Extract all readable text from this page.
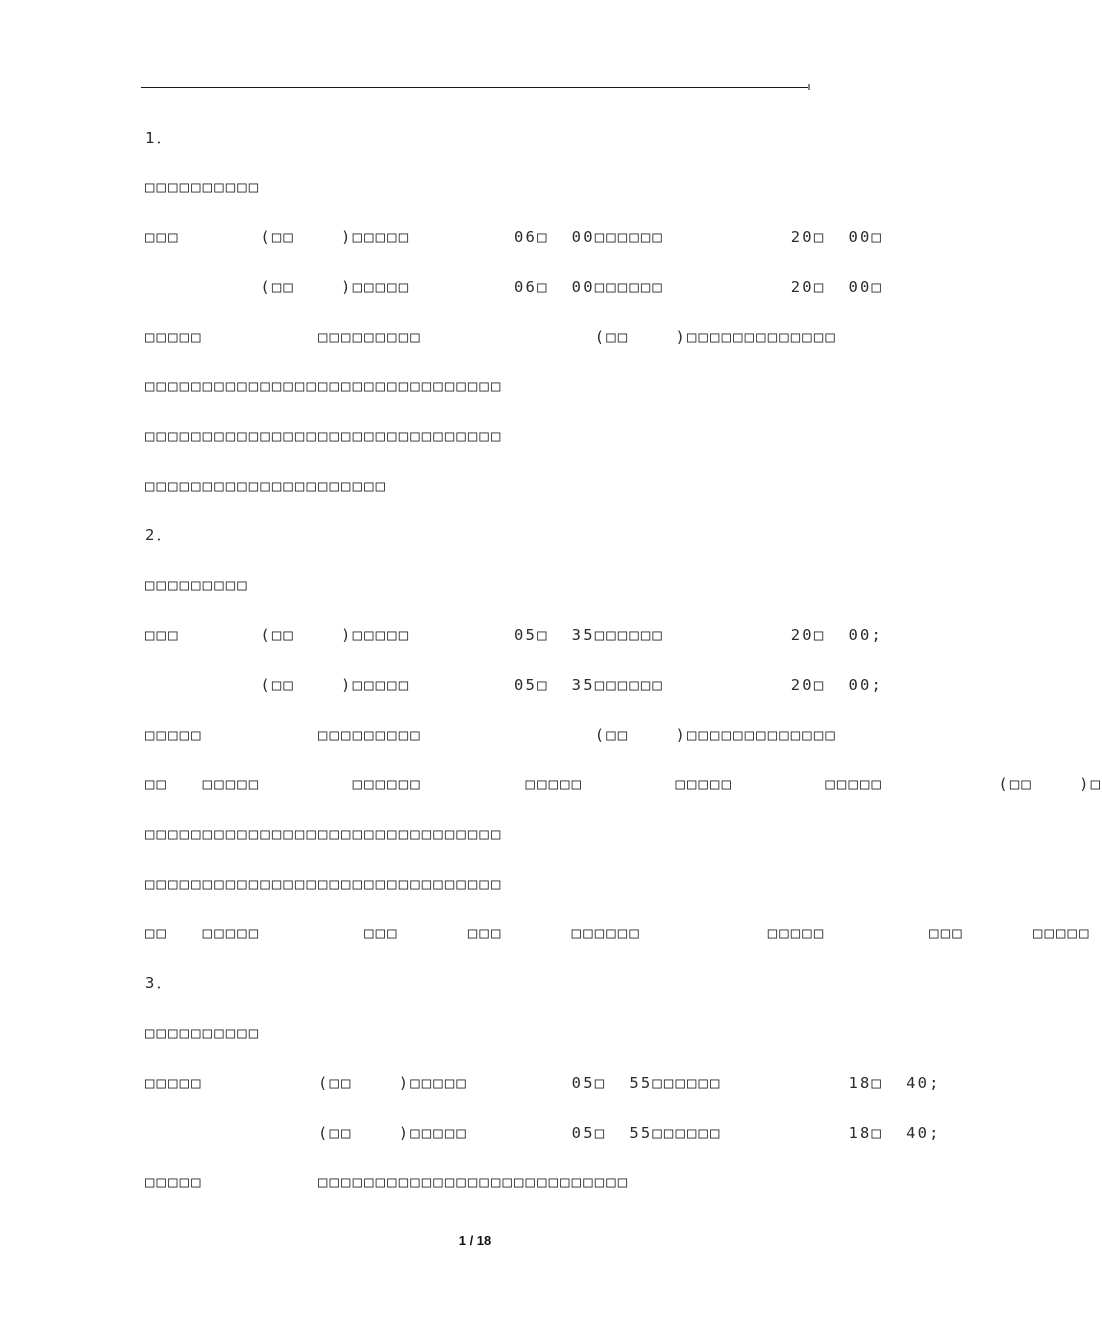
1．
□□□□□□□□□□
□□□       (□□    )□□□□□         06□  00□□□□□□           20□  00□
(□□    )□□□□□         06□  00□□□□□□           20□  00□
□□□□□          □□□□□□□□□               (□□    )□□□□□□□□□□□□□
□□□□□□□□□□□□□□□□□□□□□□□□□□□□□□□
□□□□□□□□□□□□□□□□□□□□□□□□□□□□□□□
□□□□□□□□□□□□□□□□□□□□□
2．
□□□□□□□□□
□□□       (□□    )□□□□□         05□  35□□□□□□           20□  00;
(□□    )□□□□□         05□  35□□□□□□           20□  00;
□□□□□          □□□□□□□□□               (□□    )□□□□□□□□□□□□□
□□   □□□□□        □□□□□□         □□□□□        □□□□□        □□□□□          (□□    )□
□□□□□□□□□□□□□□□□□□□□□□□□□□□□□□□
□□□□□□□□□□□□□□□□□□□□□□□□□□□□□□□
□□   □□□□□         □□□      □□□      □□□□□□           □□□□□         □□□      □□□□□
3．
□□□□□□□□□□
□□□□□          (□□    )□□□□□         05□  55□□□□□□           18□  40;
(□□    )□□□□□         05□  55□□□□□□           18□  40;
□□□□□          □□□□□□□□□□□□□□□□□□□□□□□□□□□
1 / 18
